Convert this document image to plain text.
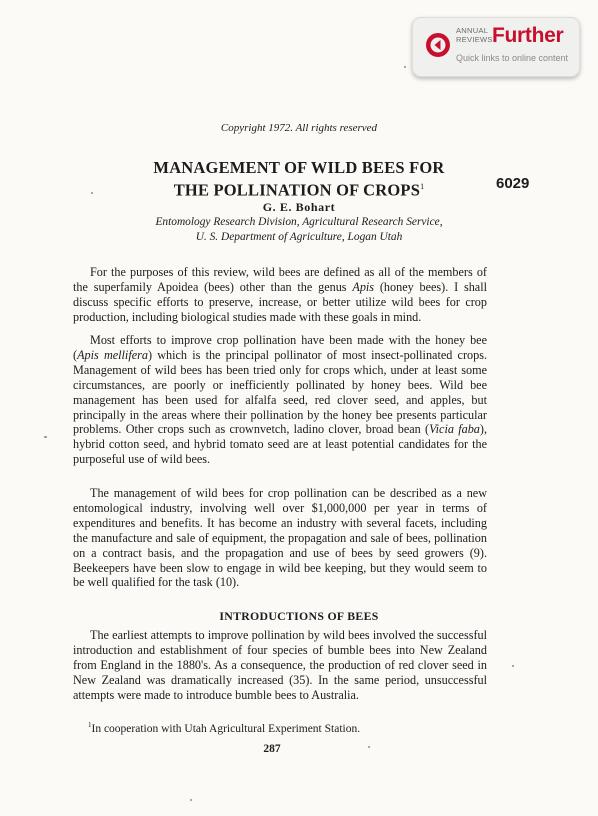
ANNUAL
REVIEWS Further
Quick links to online content
Copyright 1972. All rights reserved
MANAGEMENT OF WILD BEES FOR
THE POLLINATION OF CROPS$^1$	6029
G. E. Bohart
Entomology Research Division, Agricultural Research Service,
U. S. Department of Agriculture, Logan Utah

For the purposes of this review, wild bees are defined as all of the members of the superfamily Apoidea (bees) other than the genus Apis (honey bees). I shall discuss specific efforts to preserve, increase, or better utilize wild bees for crop production, including biological studies made with these goals in mind.

Most efforts to improve crop pollination have been made with the honey bee (Apis mellifera) which is the principal pollinator of most insect-pollinated crops. Management of wild bees has been tried only for crops which, under at least some circumstances, are poorly or inefficiently pollinated by honey bees. Wild bee management has been used for alfalfa seed, red clover seed, and apples, but principally in the areas where their pollination by the honey bee presents particular problems. Other crops such as crownvetch, ladino clover, broad bean (Vicia faba), hybrid cotton seed, and hybrid tomato seed are at least potential candidates for the purposeful use of wild bees.

The management of wild bees for crop pollination can be described as a new entomological industry, involving well over $1,000,000 per year in terms of expenditures and benefits. It has become an industry with several facets, including the manufacture and sale of equipment, the propagation and sale of bees, pollination on a contract basis, and the propagation and use of bees by seed growers (9). Beekeepers have been slow to engage in wild bee keeping, but they would seem to be well qualified for the task (10).

INTRODUCTIONS OF BEES

The earliest attempts to improve pollination by wild bees involved the successful introduction and establishment of four species of bumble bees into New Zealand from England in the 1880's. As a consequence, the production of red clover seed in New Zealand was dramatically increased (35). In the same period, unsuccessful attempts were made to introduce bumble bees to Australia.

$^1$In cooperation with Utah Agricultural Experiment Station.
287
